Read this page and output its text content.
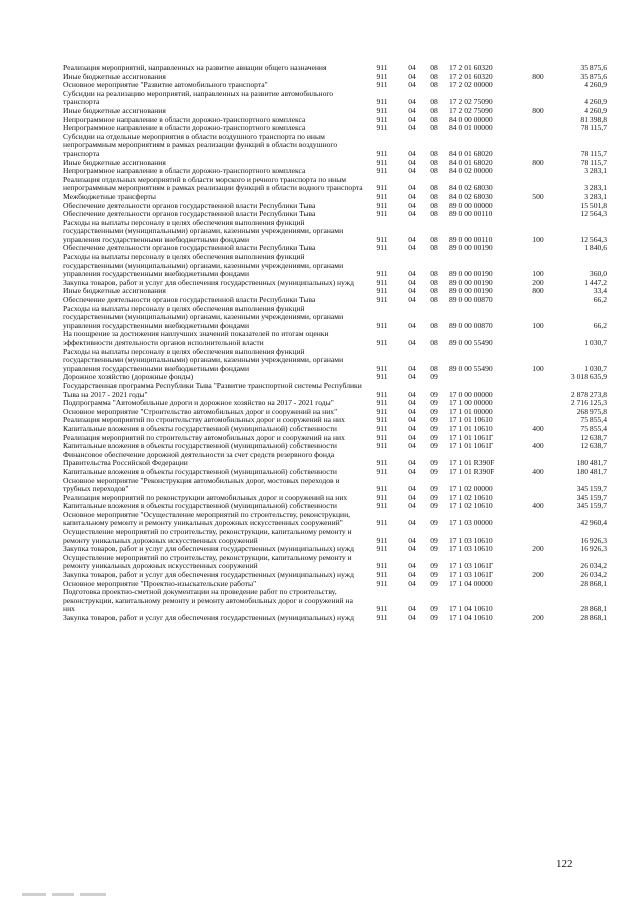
Реализация мероприятий, направленных на развитие авиации общего назначения	911	04	08	17 2 01 60320		35 875,6
Иные бюджетные ассигнования	911	04	08	17 2 01 60320	800	35 875,6
Основное мероприятие "Развитие автомобильного транспорта"	911	04	08	17 2 02 00000		4 260,9
Субсидии на реализацию мероприятий, направленных на развитие автомобильного транспорта	911	04	08	17 2 02 75090		4 260,9
Иные бюджетные ассигнования	911	04	08	17 2 02 75090	800	4 260,9
Непрограммное направление в области дорожно-транспортного комплекса	911	04	08	84 0 00 00000		81 398,8
Непрограммное направление в области дорожно-транспортного комплекса	911	04	08	84 0 01 00000		78 115,7
Субсидии на отдельные мероприятия в области воздушного транспорта по иным непрограммным мероприятиям в рамках реализации функций в области воздушного транспорта	911	04	08	84 0 01 68020		78 115,7
Иные бюджетные ассигнования	911	04	08	84 0 01 68020	800	78 115,7
Непрограммное направление в области дорожно-транспортного комплекса	911	04	08	84 0 02 00000		3 283,1
Реализация отдельных мероприятий в области морского и речного транспорта по иным непрограммным мероприятиям в рамках реализации функций в области водного транспорта	911	04	08	84 0 02 68030		3 283,1
Межбюджетные трансферты	911	04	08	84 0 02 68030	500	3 283,1
Обеспечение деятельности органов государственной власти Республики Тыва	911	04	08	89 0 00 00000		15 501,8
Обеспечение деятельности органов государственной власти Республики Тыва	911	04	08	89 0 00 00110		12 564,3
Расходы на выплаты персоналу в целях обеспечения выполнения функций государственными (муниципальными) органами, казенными учреждениями, органами управления государственными внебюджетными фондами	911	04	08	89 0 00 00110	100	12 564,3
Обеспечение деятельности органов государственной власти Республики Тыва	911	04	08	89 0 00 00190		1 840,6
Расходы на выплаты персоналу в целях обеспечения выполнения функций государственными (муниципальными) органами, казенными учреждениями, органами управления государственными внебюджетными фондами	911	04	08	89 0 00 00190	100	360,0
Закупка товаров, работ и услуг для обеспечения государственных (муниципальных) нужд	911	04	08	89 0 00 00190	200	1 447,2
Иные бюджетные ассигнования	911	04	08	89 0 00 00190	800	33,4
Обеспечение деятельности органов государственной власти Республики Тыва	911	04	08	89 0 00 00870		66,2
Расходы на выплаты персоналу в целях обеспечения выполнения функций государственными (муниципальными) органами, казенными учреждениями, органами управления государственными внебюджетными фондами	911	04	08	89 0 00 00870	100	66,2
На поощрение за достижения наилучших значений показателей по итогам оценки эффективности деятельности органов исполнительной власти	911	04	08	89 0 00 55490		1 030,7
Расходы на выплаты персоналу в целях обеспечения выполнения функций государственными (муниципальными) органами, казенными учреждениями, органами управления государственными внебюджетными фондами	911	04	08	89 0 00 55490	100	1 030,7
Дорожное хозяйство (дорожные фонды)	911	04	09			3 018 635,9
Государственная программа Республики Тыва "Развитие транспортной системы Республики Тыва на 2017 - 2021 годы"	911	04	09	17 0 00 00000		2 878 273,8
Подпрограмма "Автомобильные дороги и дорожное хозяйство на 2017 - 2021 годы"	911	04	09	17 1 00 00000		2 716 125,3
Основное мероприятие "Строительство автомобильных дорог и сооружений на них"	911	04	09	17 1 01 00000		268 975,8
Реализация мероприятий по строительству автомобильных дорог и сооружений на них	911	04	09	17 1 01 10610		75 855,4
Капитальные вложения в объекты государственной (муниципальной) собственности	911	04	09	17 1 01 10610	400	75 855,4
Реализация мероприятий по строительству автомобильных дорог и сооружений на них	911	04	09	17 1 01 1061Г		12 638,7
Капитальные вложения в объекты государственной (муниципальной) собственности	911	04	09	17 1 01 1061Г	400	12 638,7
Финансовое обеспечение дорожной деятельности за счет средств резервного фонда Правительства Российской Федерации	911	04	09	17 1 01 R390F		180 481,7
Капитальные вложения в объекты государственной (муниципальной) собственности	911	04	09	17 1 01 R390F	400	180 481,7
Основное мероприятие "Реконструкция автомобильных дорог, мостовых переходов и трубных переходов"	911	04	09	17 1 02 00000		345 159,7
Реализация мероприятий по реконструкции автомобильных дорог и сооружений на них	911	04	09	17 1 02 10610		345 159,7
Капитальные вложения в объекты государственной (муниципальной) собственности	911	04	09	17 1 02 10610	400	345 159,7
Основное мероприятие "Осуществление мероприятий по строительству, реконструкции, капитальному ремонту и ремонту уникальных дорожных искусственных сооружений"	911	04	09	17 1 03 00000		42 960,4
Осуществление мероприятий по строительству, реконструкции, капитальному ремонту и ремонту уникальных дорожных искусственных сооружений	911	04	09	17 1 03 10610		16 926,3
Закупка товаров, работ и услуг для обеспечения государственных (муниципальных) нужд	911	04	09	17 1 03 10610	200	16 926,3
Осуществление мероприятий по строительству, реконструкции, капитальному ремонту и ремонту уникальных дорожных искусственных сооружений	911	04	09	17 1 03 1061Г		26 034,2
Закупка товаров, работ и услуг для обеспечения государственных (муниципальных) нужд	911	04	09	17 1 03 1061Г	200	26 034,2
Основное мероприятие "Проектно-изыскательские работы"	911	04	09	17 1 04 00000		28 868,1
Подготовка проектно-сметной документации на проведение работ по строительству, реконструкции, капитальному ремонту и ремонту автомобильных дорог и сооружений на них	911	04	09	17 1 04 10610		28 868,1
Закупка товаров, работ и услуг для обеспечения государственных (муниципальных) нужд	911	04	09	17 1 04 10610	200	28 868,1
122
